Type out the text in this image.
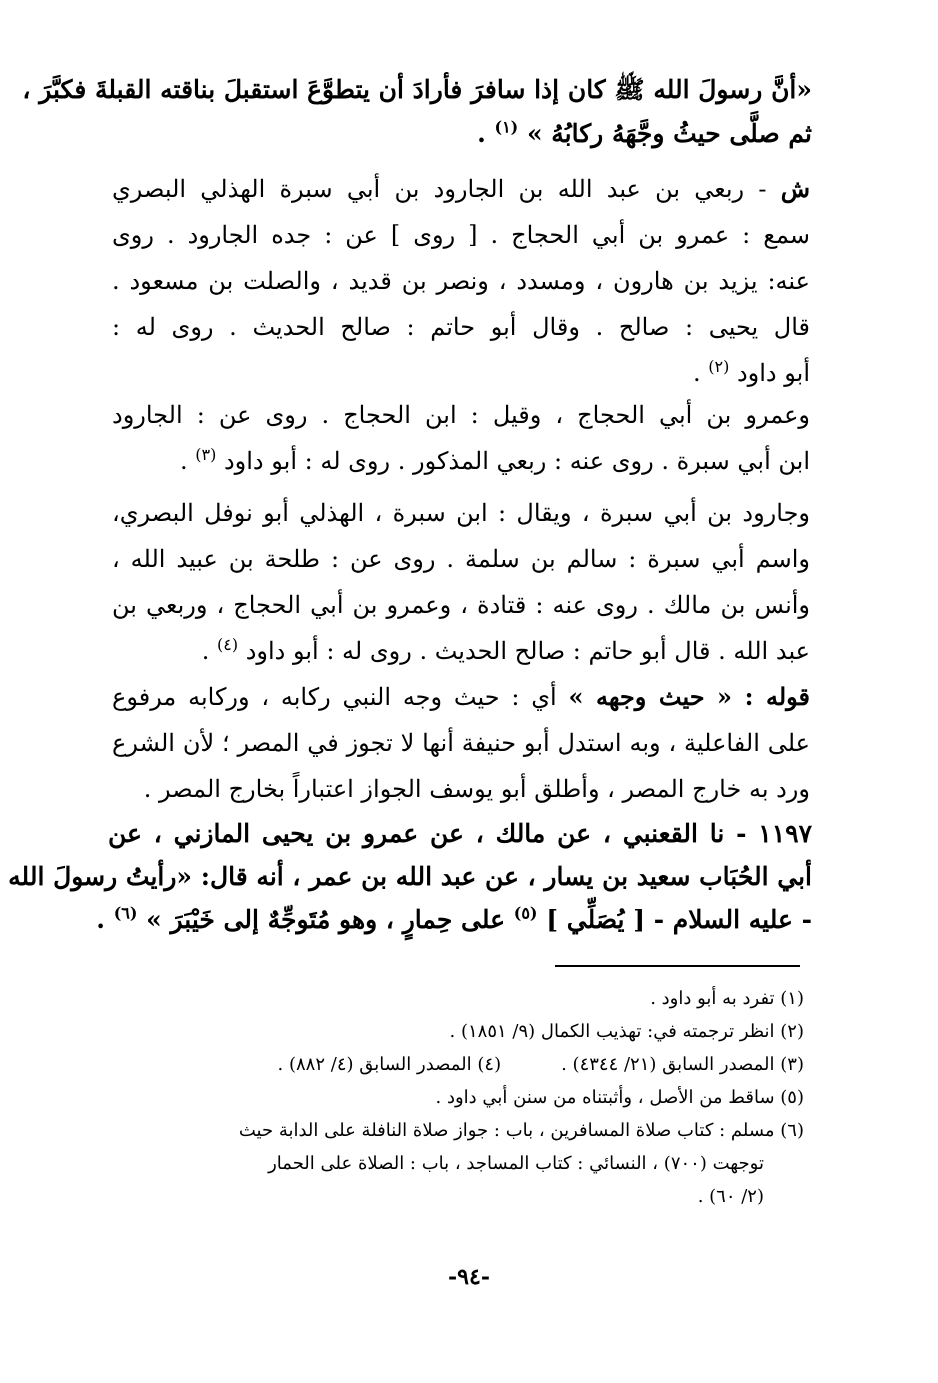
«أنَّ رسولَ الله ﷺ كان إذا سافرَ فأرادَ أن يتطوَّعَ استقبلَ بناقته القبلةَ فكبَّرَ ،
ثم صلَّى حيثُ وجَّهَهُ ركابُهُ » $^{(١)}$ .
ش - ربعي بن عبد الله بن الجارود بن أبي سبرة الهذلي البصري
سمع : عمرو بن أبي الحجاج . [ روى ] عن : جده الجارود . روى
عنه: يزيد بن هارون ، ومسدد ، ونصر بن قديد ، والصلت بن مسعود .
قال يحيى : صالح . وقال أبو حاتم : صالح الحديث . روى له :
أبو داود $^{(٢)}$ .
وعمرو بن أبي الحجاج ، وقيل : ابن الحجاج . روى عن : الجارود
ابن أبي سبرة . روى عنه : ربعي المذكور . روى له : أبو داود $^{(٣)}$ .
وجارود بن أبي سبرة ، ويقال : ابن سبرة ، الهذلي أبو نوفل البصري،
واسم أبي سبرة : سالم بن سلمة . روى عن : طلحة بن عبيد الله ،
وأنس بن مالك . روى عنه : قتادة ، وعمرو بن أبي الحجاج ، وربعي بن
عبد الله . قال أبو حاتم : صالح الحديث . روى له : أبو داود $^{(٤)}$ .
قوله : « حيث وجهه » أي : حيث وجه النبي ركابه ، وركابه مرفوع
على الفاعلية ، وبه استدل أبو حنيفة أنها لا تجوز في المصر ؛ لأن الشرع
ورد به خارج المصر ، وأطلق أبو يوسف الجواز اعتباراً بخارج المصر .
١١٩٧ - نا القعنبي ، عن مالك ، عن عمرو بن يحيى المازني ، عن
أبي الحُبَاب سعيد بن يسار ، عن عبد الله بن عمر ، أنه قال: «رأيتُ رسولَ الله
- عليه السلام - [ يُصَلِّي ] $^{(٥)}$ على حِمارٍ ، وهو مُتَوجِّهٌ إلى خَيْبَرَ » $^{(٦)}$ .
(١) تفرد به أبو داود .
(٢) انظر ترجمته في: تهذيب الكمال (٩/ ١٨٥١) .
(٣) المصدر السابق (٢١/ ٤٣٤٤) .
(٤) المصدر السابق (٤/ ٨٨٢) .
(٥) ساقط من الأصل ، وأثبتناه من سنن أبي داود .
(٦) مسلم : كتاب صلاة المسافرين ، باب : جواز صلاة النافلة على الدابة حيث
توجهت (٧٠٠) ، النسائي : كتاب المساجد ، باب : الصلاة على الحمار
(٢/ ٦٠) .
-٩٤-
